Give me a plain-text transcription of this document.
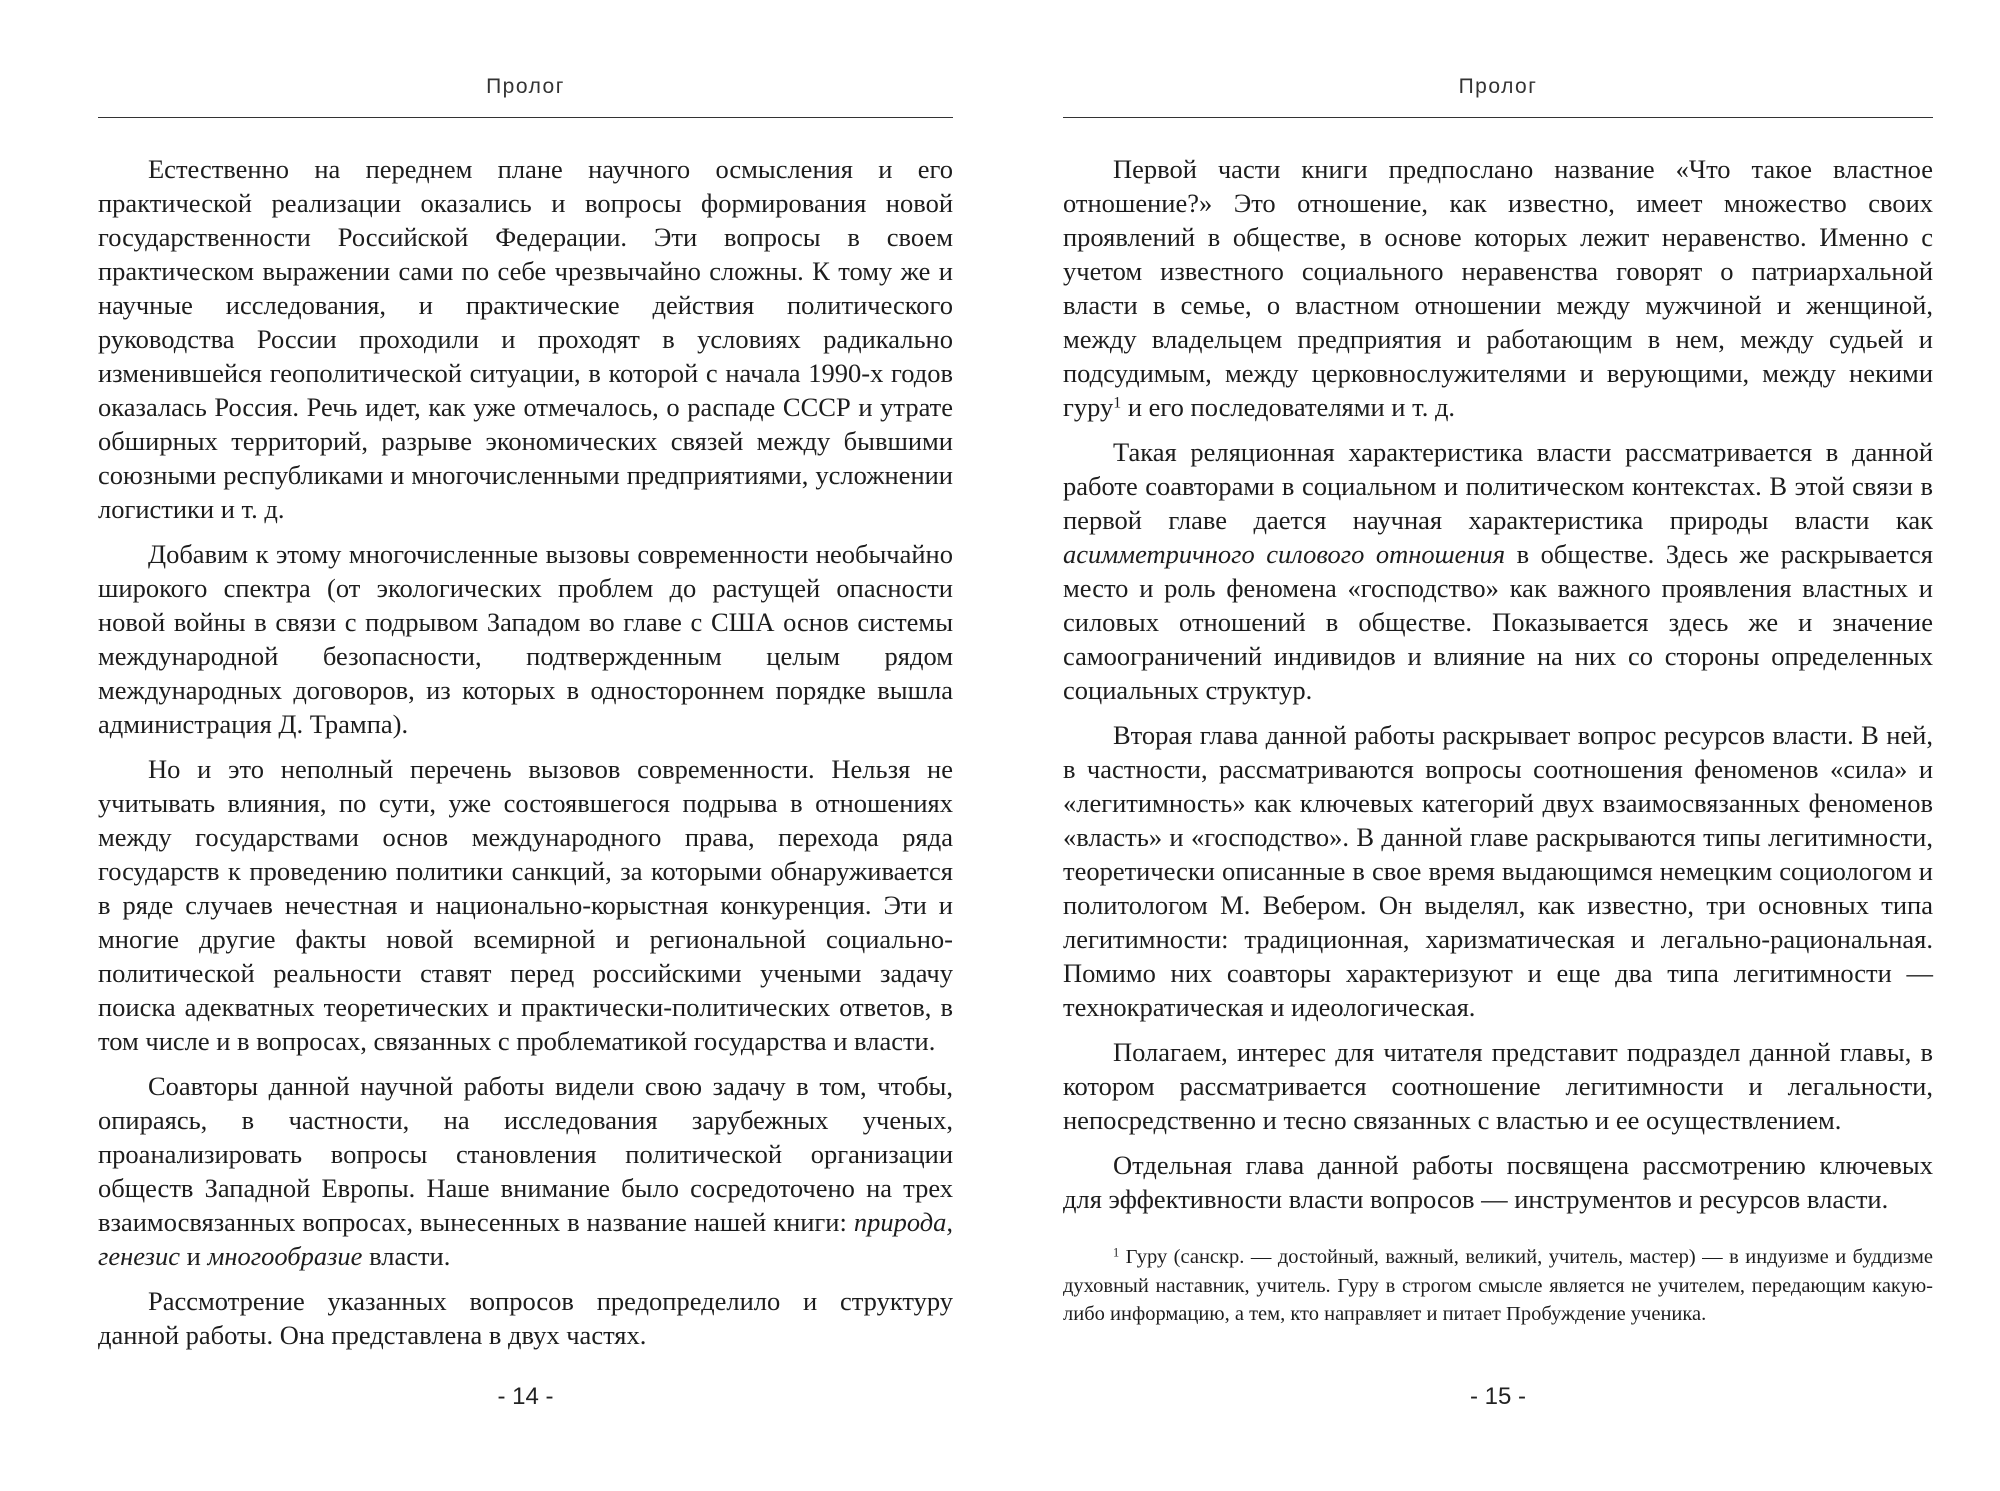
Пролог

Естественно на переднем плане научного осмысления и его практической реализации оказались и вопросы формирования новой государственности Российской Федерации. Эти вопросы в своем практическом выражении сами по себе чрезвычайно сложны. К тому же и научные исследования, и практические действия политического руководства России проходили и проходят в условиях радикально изменившейся геополитической ситуации, в которой с начала 1990-х годов оказалась Россия. Речь идет, как уже отмечалось, о распаде СССР и утрате обширных территорий, разрыве экономических связей между бывшими союзными республиками и многочисленными предприятиями, усложнении логистики и т. д.

Добавим к этому многочисленные вызовы современности необычайно широкого спектра (от экологических проблем до растущей опасности новой войны в связи с подрывом Западом во главе с США основ системы международной безопасности, подтвержденным целым рядом международных договоров, из которых в одностороннем порядке вышла администрация Д. Трампа).

Но и это неполный перечень вызовов современности. Нельзя не учитывать влияния, по сути, уже состоявшегося подрыва в отношениях между государствами основ международного права, перехода ряда государств к проведению политики санкций, за которыми обнаруживается в ряде случаев нечестная и национально-корыстная конкуренция. Эти и многие другие факты новой всемирной и региональной социально-политической реальности ставят перед российскими учеными задачу поиска адекватных теоретических и практически-политических ответов, в том числе и в вопросах, связанных с проблематикой государства и власти.

Соавторы данной научной работы видели свою задачу в том, чтобы, опираясь, в частности, на исследования зарубежных ученых, проанализировать вопросы становления политической организации обществ Западной Европы. Наше внимание было сосредоточено на трех взаимосвязанных вопросах, вынесенных в название нашей книги: природа, генезис и многообразие власти.

Рассмотрение указанных вопросов предопределило и структуру данной работы. Она представлена в двух частях.

- 14 -
Пролог

Первой части книги предпослано название «Что такое властное отношение?» Это отношение, как известно, имеет множество своих проявлений в обществе, в основе которых лежит неравенство. Именно с учетом известного социального неравенства говорят о патриархальной власти в семье, о властном отношении между мужчиной и женщиной, между владельцем предприятия и работающим в нем, между судьей и подсудимым, между церковнослужителями и верующими, между некими гуру$^1$ и его последователями и т. д.

Такая реляционная характеристика власти рассматривается в данной работе соавторами в социальном и политическом контекстах. В этой связи в первой главе дается научная характеристика природы власти как асимметричного силового отношения в обществе. Здесь же раскрывается место и роль феномена «господство» как важного проявления властных и силовых отношений в обществе. Показывается здесь же и значение самоограничений индивидов и влияние на них со стороны определенных социальных структур.

Вторая глава данной работы раскрывает вопрос ресурсов власти. В ней, в частности, рассматриваются вопросы соотношения феноменов «сила» и «легитимность» как ключевых категорий двух взаимосвязанных феноменов «власть» и «господство». В данной главе раскрываются типы легитимности, теоретически описанные в свое время выдающимся немецким социологом и политологом М. Вебером. Он выделял, как известно, три основных типа легитимности: традиционная, харизматическая и легально-рациональная. Помимо них соавторы характеризуют и еще два типа легитимности — технократическая и идеологическая.

Полагаем, интерес для читателя представит подраздел данной главы, в котором рассматривается соотношение легитимности и легальности, непосредственно и тесно связанных с властью и ее осуществлением.

Отдельная глава данной работы посвящена рассмотрению ключевых для эффективности власти вопросов — инструментов и ресурсов власти.

$^1$ Гуру (санскр. — достойный, важный, великий, учитель, мастер) — в индуизме и буддизме духовный наставник, учитель. Гуру в строгом смысле является не учителем, передающим какую-либо информацию, а тем, кто направляет и питает Пробуждение ученика.

- 15 -
